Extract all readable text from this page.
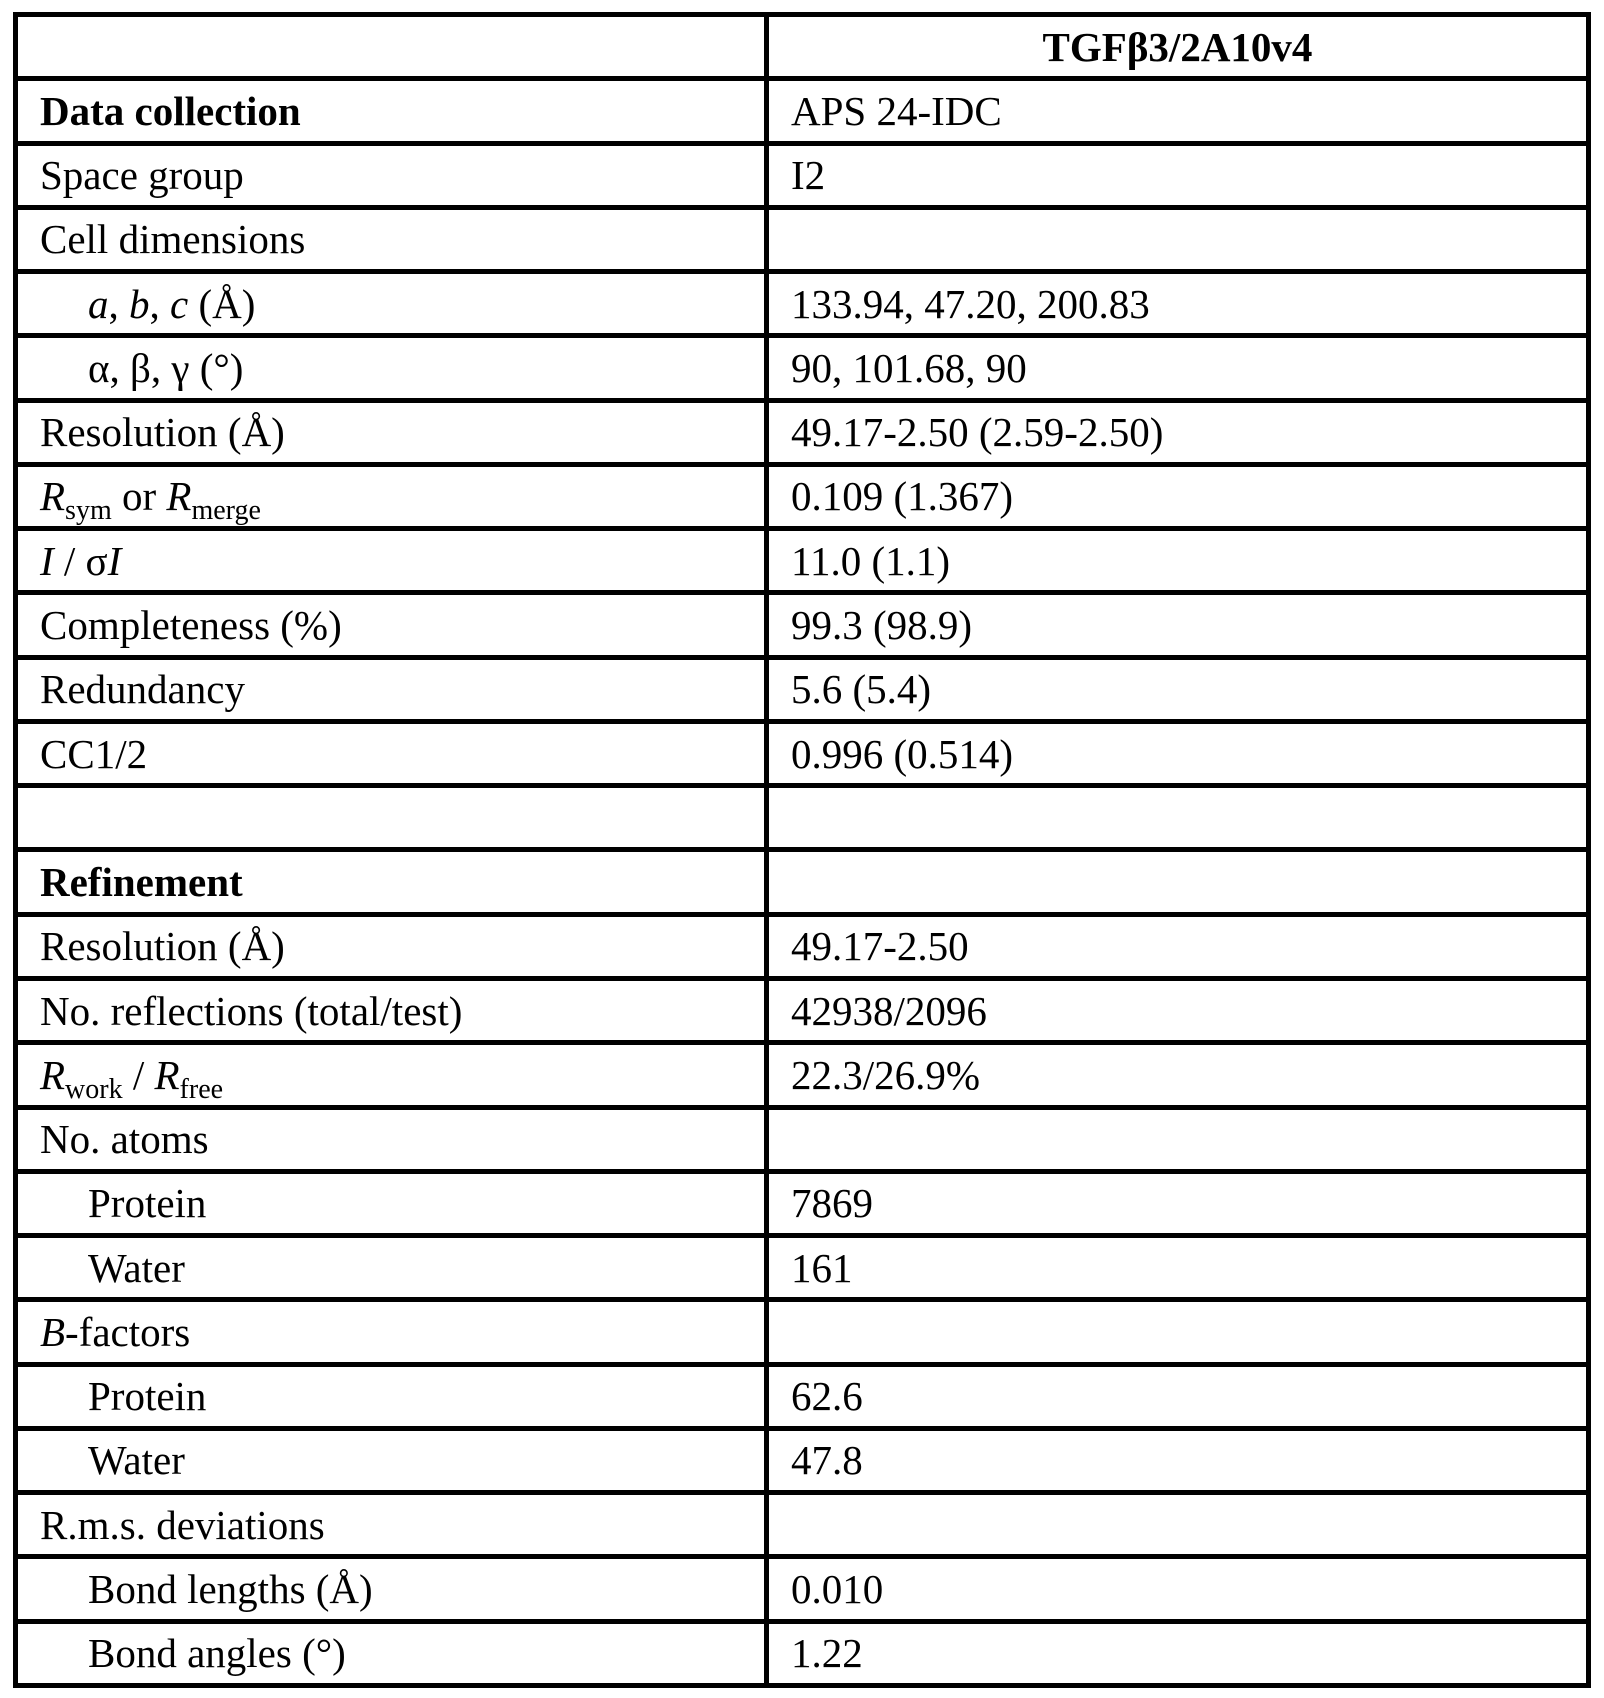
	TGFβ3/2A10v4
Data collection	APS 24-IDC
Space group	I2
Cell dimensions	
a, b, c (Å)	133.94, 47.20, 200.83
α, β, γ (°)	90, 101.68, 90
Resolution (Å)	49.17-2.50 (2.59-2.50)
Rsym or Rmerge	0.109 (1.367)
I / σI	11.0 (1.1)
Completeness (%)	99.3 (98.9)
Redundancy	5.6 (5.4)
CC1/2	0.996 (0.514)

Refinement	
Resolution (Å)	49.17-2.50
No. reflections (total/test)	42938/2096
Rwork / Rfree	22.3/26.9%
No. atoms	
Protein	7869
Water	161
B-factors	
Protein	62.6
Water	47.8
R.m.s. deviations	
Bond lengths (Å)	0.010
Bond angles (°)	1.22
